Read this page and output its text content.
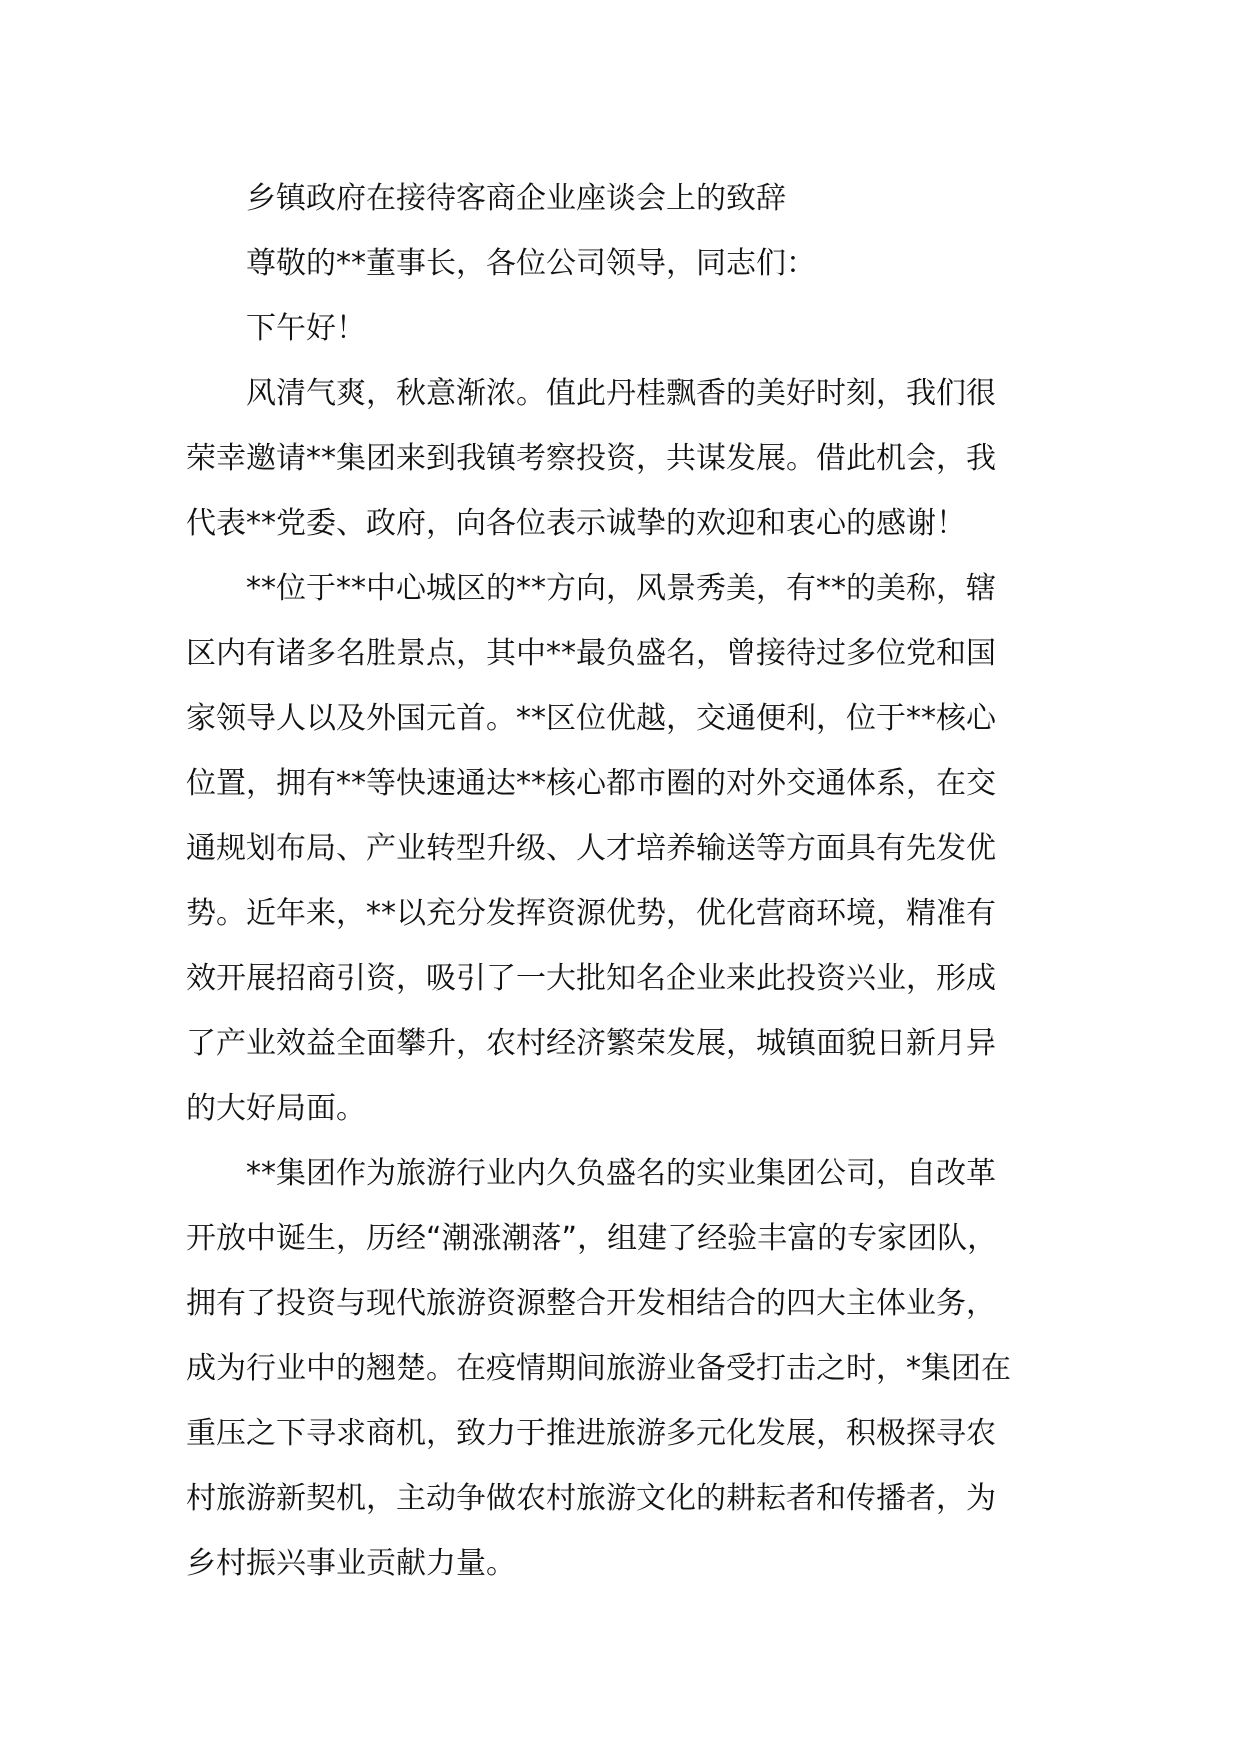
乡镇政府在接待客商企业座谈会上的致辞
尊敬的**董事长，各位公司领导，同志们：
下午好！
风清气爽，秋意渐浓。值此丹桂飘香的美好时刻，我们很
荣幸邀请**集团来到我镇考察投资，共谋发展。借此机会，我
代表**党委、政府，向各位表示诚挚的欢迎和衷心的感谢！
**位于**中心城区的**方向，风景秀美，有**的美称，辖
区内有诸多名胜景点，其中**最负盛名，曾接待过多位党和国
家领导人以及外国元首。**区位优越，交通便利，位于**核心
位置，拥有**等快速通达**核心都市圈的对外交通体系，在交
通规划布局、产业转型升级、人才培养输送等方面具有先发优
势。近年来，**以充分发挥资源优势，优化营商环境，精准有
效开展招商引资，吸引了一大批知名企业来此投资兴业，形成
了产业效益全面攀升，农村经济繁荣发展，城镇面貌日新月异
的大好局面。
**集团作为旅游行业内久负盛名的实业集团公司，自改革
开放中诞生，历经“潮涨潮落”，组建了经验丰富的专家团队，
拥有了投资与现代旅游资源整合开发相结合的四大主体业务，
成为行业中的翘楚。在疫情期间旅游业备受打击之时，*集团在
重压之下寻求商机，致力于推进旅游多元化发展，积极探寻农
村旅游新契机，主动争做农村旅游文化的耕耘者和传播者，为
乡村振兴事业贡献力量。
